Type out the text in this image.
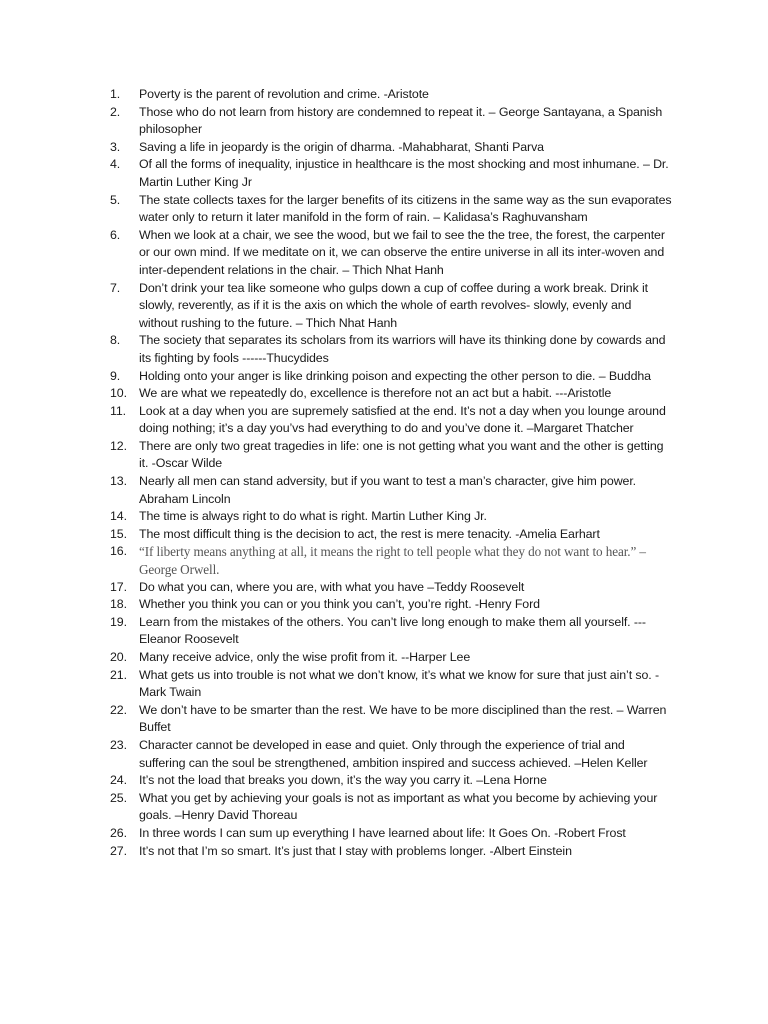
1.	Poverty is the parent of revolution and crime. -Aristote
2.	Those who do not learn from history are condemned to repeat it. – George Santayana, a Spanish philosopher
3.	Saving a life in jeopardy is the origin of dharma. -Mahabharat, Shanti Parva
4.	Of all the forms of inequality, injustice in healthcare is the most shocking and most inhumane. – Dr. Martin Luther King Jr
5.	The state collects taxes for the larger benefits of its citizens in the same way as the sun evaporates water only to return it later manifold in the form of rain. – Kalidasa’s Raghuvansham
6.	When we look at a chair, we see the wood, but we fail to see the the tree, the forest, the carpenter or our own mind. If we meditate on it, we can observe the entire universe in all its inter-woven and inter-dependent relations in the chair. – Thich Nhat Hanh
7.	Don’t drink your tea like someone who gulps down a cup of coffee during a work break. Drink it slowly, reverently, as if it is the axis on which the whole of earth revolves- slowly, evenly and without rushing to the future. – Thich Nhat Hanh
8.	The society that separates its scholars from its warriors will have its thinking done by cowards and its fighting by fools ------Thucydides
9.	Holding onto your anger is like drinking poison and expecting the other person to die. – Buddha
10. We are what we repeatedly do, excellence is therefore not an act but a habit. ---Aristotle
11.	Look at a day when you are supremely satisfied at the end. It’s not a day when you lounge around doing nothing; it’s a day you’vs had everything to do and you’ve done it. –Margaret Thatcher
12. There are only two great tragedies in life: one is not getting what you want and the other is getting it. -Oscar Wilde
13. Nearly all men can stand adversity, but if you want to test a man’s character, give him power. Abraham Lincoln
14. The time is always right to do what is right. Martin Luther King Jr.
15. The most difficult thing is the decision to act, the rest is mere tenacity. -Amelia Earhart
16. “If liberty means anything at all, it means the right to tell people what they do not want to hear.” – George Orwell.
17. Do what you can, where you are, with what you have –Teddy Roosevelt
18. Whether you think you can or you think you can’t, you’re right. -Henry Ford
19. Learn from the mistakes of the others. You can’t live long enough to make them all yourself. ---Eleanor Roosevelt
20. Many receive advice, only the wise profit from it. --Harper Lee
21. What gets us into trouble is not what we don’t know, it’s what we know for sure that just ain’t so. -Mark Twain
22. We don’t have to be smarter than the rest. We have to be more disciplined than the rest. – Warren Buffet
23. Character cannot be developed in ease and quiet. Only through the experience of trial and suffering can the soul be strengthened, ambition inspired and success achieved. –Helen Keller
24. It’s not the load that breaks you down, it’s the way you carry it. –Lena Horne
25. What you get by achieving your goals is not as important as what you become by achieving your goals. –Henry David Thoreau
26. In three words I can sum up everything I have learned about life: It Goes On. -Robert Frost
27. It’s not that I’m so smart. It’s just that I stay with problems longer. -Albert Einstein
